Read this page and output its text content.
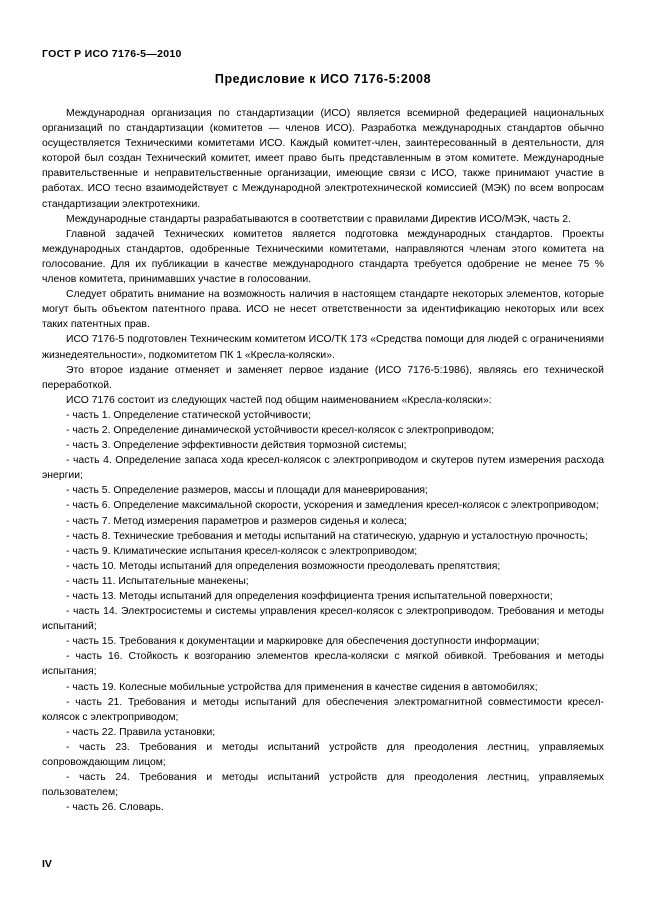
ГОСТ Р ИСО 7176-5—2010
Предисловие к ИСО 7176-5:2008

Международная организация по стандартизации (ИСО) является всемирной федерацией национальных организаций по стандартизации (комитетов — членов ИСО). Разработка международных стандартов обычно осуществляется Техническими комитетами ИСО. Каждый комитет-член, заинтересованный в деятельности, для которой был создан Технический комитет, имеет право быть представленным в этом комитете. Международные правительственные и неправительственные организации, имеющие связи с ИСО, также принимают участие в работах. ИСО тесно взаимодействует с Международной электротехнической комиссией (МЭК) по всем вопросам стандартизации электротехники.

Международные стандарты разрабатываются в соответствии с правилами Директив ИСО/МЭК, часть 2.

Главной задачей Технических комитетов является подготовка международных стандартов. Проекты международных стандартов, одобренные Техническими комитетами, направляются членам этого комитета на голосование. Для их публикации в качестве международного стандарта требуется одобрение не менее 75 % членов комитета, принимавших участие в голосовании.

Следует обратить внимание на возможность наличия в настоящем стандарте некоторых элементов, которые могут быть объектом патентного права. ИСО не несет ответственности за идентификацию некоторых или всех таких патентных прав.

ИСО 7176-5 подготовлен Техническим комитетом ИСО/ТК 173 «Средства помощи для людей с ограничениями жизнедеятельности», подкомитетом ПК 1 «Кресла-коляски».

Это второе издание отменяет и заменяет первое издание (ИСО 7176-5:1986), являясь его технической переработкой.

ИСО 7176 состоит из следующих частей под общим наименованием «Кресла-коляски»:

- часть 1. Определение статической устойчивости;

- часть 2. Определение динамической устойчивости кресел-колясок с электроприводом;

- часть 3. Определение эффективности действия тормозной системы;

- часть 4. Определение запаса хода кресел-колясок с электроприводом и скутеров путем измерения расхода энергии;

- часть 5. Определение размеров, массы и площади для маневрирования;

- часть 6. Определение максимальной скорости, ускорения и замедления кресел-колясок с электроприводом;

- часть 7. Метод измерения параметров и размеров сиденья и колеса;

- часть 8. Технические требования и методы испытаний на статическую, ударную и усталостную прочность;

- часть 9. Климатические испытания кресел-колясок с электроприводом;

- часть 10. Методы испытаний для определения возможности преодолевать препятствия;

- часть 11. Испытательные манекены;

- часть 13. Методы испытаний для определения коэффициента трения испытательной поверхности;

- часть 14. Электросистемы и системы управления кресел-колясок с электроприводом. Требования и методы испытаний;

- часть 15. Требования к документации и маркировке для обеспечения доступности информации;

- часть 16. Стойкость к возгоранию элементов кресла-коляски с мягкой обивкой. Требования и методы испытания;

- часть 19. Колесные мобильные устройства для применения в качестве сидения в автомобилях;

- часть 21. Требования и методы испытаний для обеспечения электромагнитной совместимости кресел-колясок с электроприводом;

- часть 22. Правила установки;

- часть 23. Требования и методы испытаний устройств для преодоления лестниц, управляемых сопровождающим лицом;

- часть 24. Требования и методы испытаний устройств для преодоления лестниц, управляемых пользователем;

- часть 26. Словарь.

IV
